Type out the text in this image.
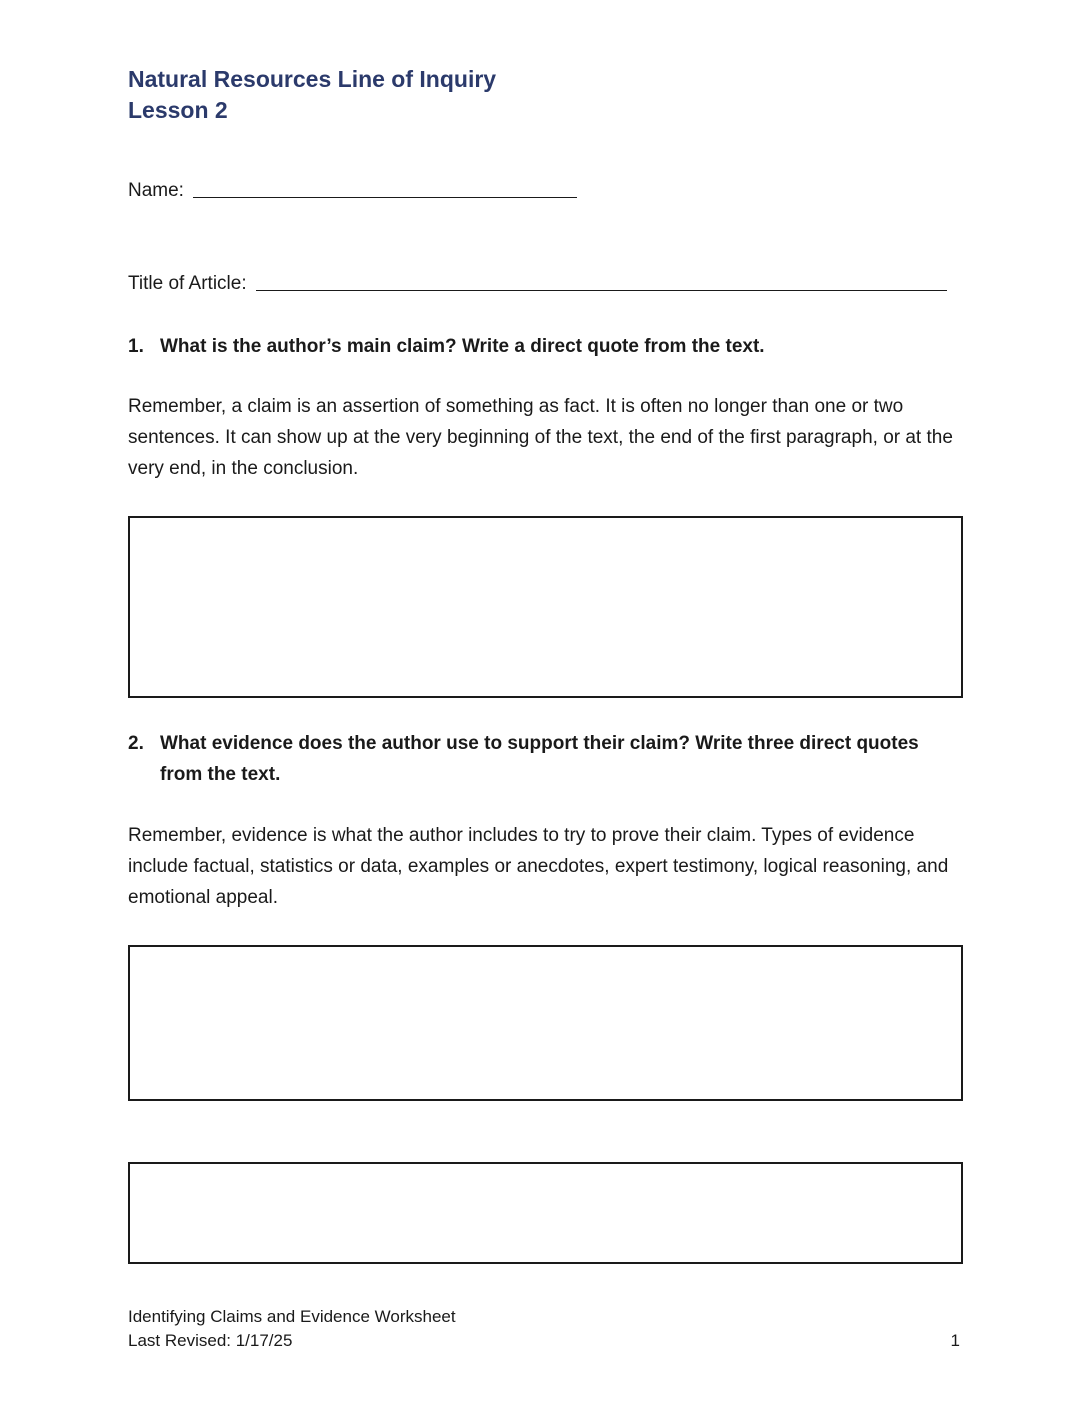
Natural Resources Line of Inquiry
Lesson 2
Name:
Title of Article:
1. What is the author’s main claim? Write a direct quote from the text.
Remember, a claim is an assertion of something as fact. It is often no longer than one or two sentences. It can show up at the very beginning of the text, the end of the first paragraph, or at the very end, in the conclusion.
2. What evidence does the author use to support their claim? Write three direct quotes from the text.
Remember, evidence is what the author includes to try to prove their claim. Types of evidence include factual, statistics or data, examples or anecdotes, expert testimony, logical reasoning, and emotional appeal.
Identifying Claims and Evidence Worksheet
Last Revised: 1/17/25	1
